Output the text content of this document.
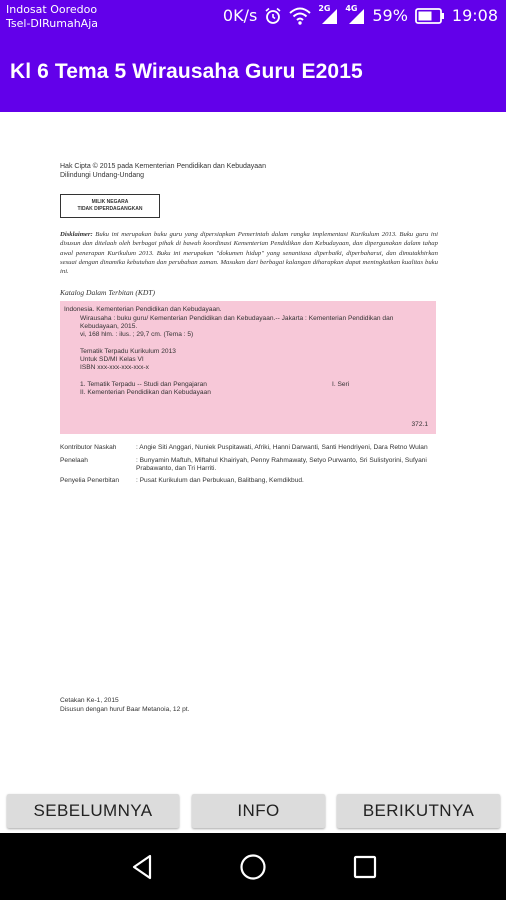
Indosat Ooredoo
Tsel-DIRumahAja	0K/s	2G 4G 59%	19:08
Kl 6 Tema 5 Wirausaha Guru E2015
Hak Cipta © 2015 pada Kementerian Pendidikan dan Kebudayaan
Dilindungi Undang-Undang
MILIK NEGARA
TIDAK DIPERDAGANGKAN
Disklaimer: Buku ini merupakan buku guru yang dipersiapkan Pemerintah dalam rangka implementasi Kurikulum 2013. Buku guru ini disusun dan ditelaah oleh berbagai pihak di bawah koordinasi Kementerian Pendidikan dan Kebudayaan, dan dipergunakan dalam tahap awal penerapan Kurikulum 2013. Buku ini merupakan "dokumen hidup" yang senantiasa diperbaiki, diperbaharui, dan dimutakhirkan sesuai dengan dinamika kebutuhan dan perubahan zaman. Masukan dari berbagai kalangan diharapkan dapat meningkatkan kualitas buku ini.
Katalog Dalam Terbitan (KDT)
Indonesia. Kementerian Pendidikan dan Kebudayaan.
Wirausaha : buku guru/ Kementerian Pendidikan dan Kebudayaan.-- Jakarta : Kementerian Pendidikan dan Kebudayaan, 2015.
vi, 168 hlm. : ilus. ; 29,7 cm. (Tema : 5)
Tematik Terpadu Kurikulum 2013
Untuk SD/MI Kelas VI
ISBN xxx-xxx-xxx-xxx-x
1. Tematik Terpadu -- Studi dan Pengajaran	I. Seri
II. Kementerian Pendidikan dan Kebudayaan
372.1
Kontributor Naskah	: Angie Siti Anggari, Nuniek Puspitawati, Afriki, Hanni Darwanti, Santi Hendriyeni, Dara Retno Wulan
Penelaah	: Bunyamin Maftuh, Miftahul Khairiyah, Penny Rahmawaty, Setyo Purwanto, Sri Sulistyorini, Sufyani Prabawanto, dan Tri Harriti.
Penyelia Penerbitan	: Pusat Kurikulum dan Perbukuan, Balitbang, Kemdikbud.
Cetakan Ke-1, 2015
Disusun dengan huruf Baar Metanoia, 12 pt.
SEBELUMNYA	INFO	BERIKUTNYA
